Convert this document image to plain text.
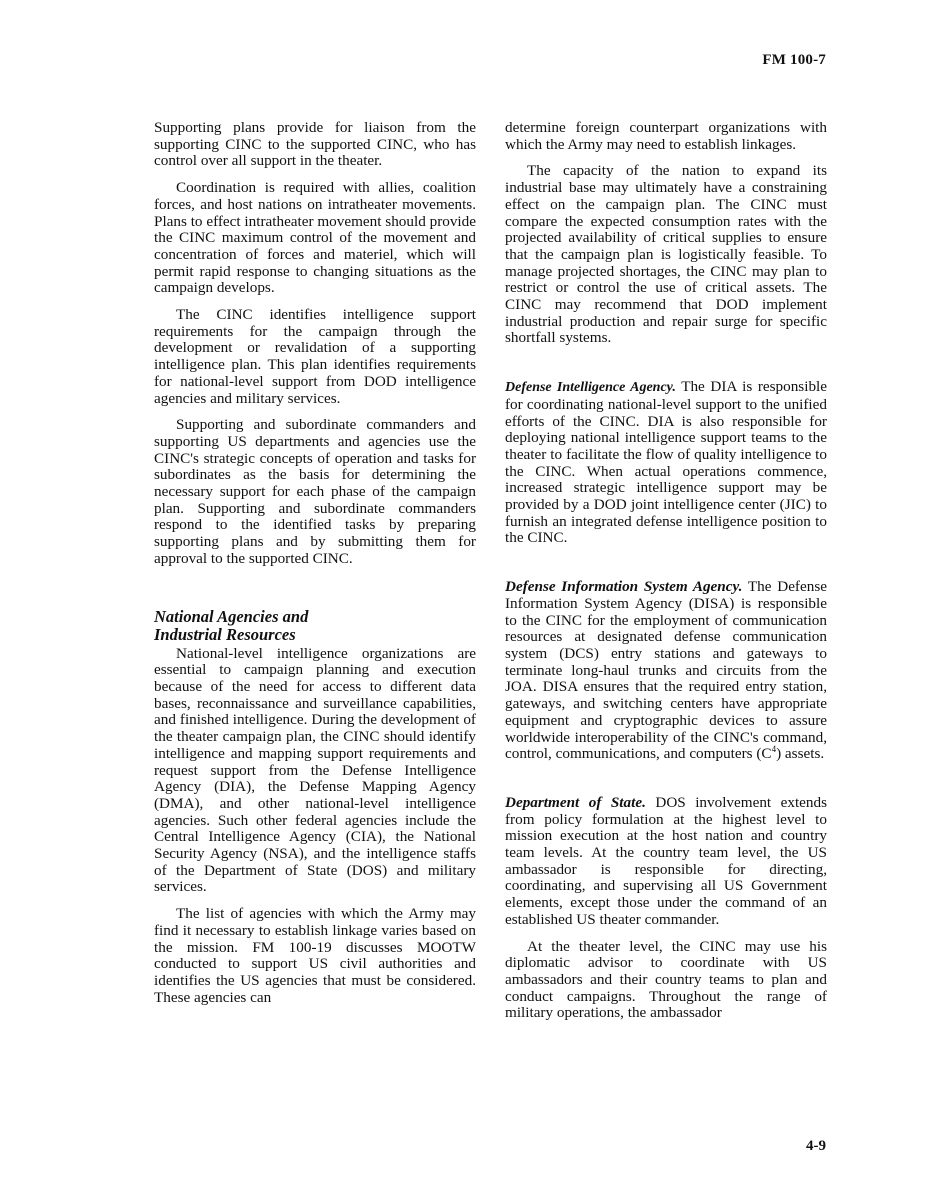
FM 100-7

Supporting plans provide for liaison from the supporting CINC to the supported CINC, who has control over all support in the theater.

Coordination is required with allies, coalition forces, and host nations on intratheater movements. Plans to effect intratheater movement should provide the CINC maximum control of the movement and concentration of forces and materiel, which will permit rapid response to changing situations as the campaign develops.

The CINC identifies intelligence support requirements for the campaign through the development or revalidation of a supporting intelligence plan. This plan identifies requirements for national-level support from DOD intelligence agencies and military services.

Supporting and subordinate commanders and supporting US departments and agencies use the CINC's strategic concepts of operation and tasks for subordinates as the basis for determining the necessary support for each phase of the campaign plan. Supporting and subordinate commanders respond to the identified tasks by preparing supporting plans and by submitting them for approval to the supported CINC.

National Agencies and
Industrial Resources

National-level intelligence organizations are essential to campaign planning and execution because of the need for access to different data bases, reconnaissance and surveillance capabilities, and finished intelligence. During the development of the theater campaign plan, the CINC should identify intelligence and mapping support requirements and request support from the Defense Intelligence Agency (DIA), the Defense Mapping Agency (DMA), and other national-level intelligence agencies. Such other federal agencies include the Central Intelligence Agency (CIA), the National Security Agency (NSA), and the intelligence staffs of the Department of State (DOS) and military services.

The list of agencies with which the Army may find it necessary to establish linkage varies based on the mission. FM 100-19 discusses MOOTW conducted to support US civil authorities and identifies the US agencies that must be considered. These agencies can

determine foreign counterpart organizations with which the Army may need to establish linkages.

The capacity of the nation to expand its industrial base may ultimately have a constraining effect on the campaign plan. The CINC must compare the expected consumption rates with the projected availability of critical supplies to ensure that the campaign plan is logistically feasible. To manage projected shortages, the CINC may plan to restrict or control the use of critical assets. The CINC may recommend that DOD implement industrial production and repair surge for specific shortfall systems.

Defense Intelligence Agency. The DIA is responsible for coordinating national-level support to the unified efforts of the CINC. DIA is also responsible for deploying national intelligence support teams to the theater to facilitate the flow of quality intelligence to the CINC. When actual operations commence, increased strategic intelligence support may be provided by a DOD joint intelligence center (JIC) to furnish an integrated defense intelligence position to the CINC.

Defense Information System Agency. The Defense Information System Agency (DISA) is responsible to the CINC for the employment of communication resources at designated defense communication system (DCS) entry stations and gateways to terminate long-haul trunks and circuits from the JOA. DISA ensures that the required entry station, gateways, and switching centers have appropriate equipment and cryptographic devices to assure worldwide interoperability of the CINC's command, control, communications, and computers $(C^4)$ assets.

Department of State. DOS involvement extends from policy formulation at the highest level to mission execution at the host nation and country team levels. At the country team level, the US ambassador is responsible for directing, coordinating, and supervising all US Government elements, except those under the command of an established US theater commander.

At the theater level, the CINC may use his diplomatic advisor to coordinate with US ambassadors and their country teams to plan and conduct campaigns. Throughout the range of military operations, the ambassador

4-9
